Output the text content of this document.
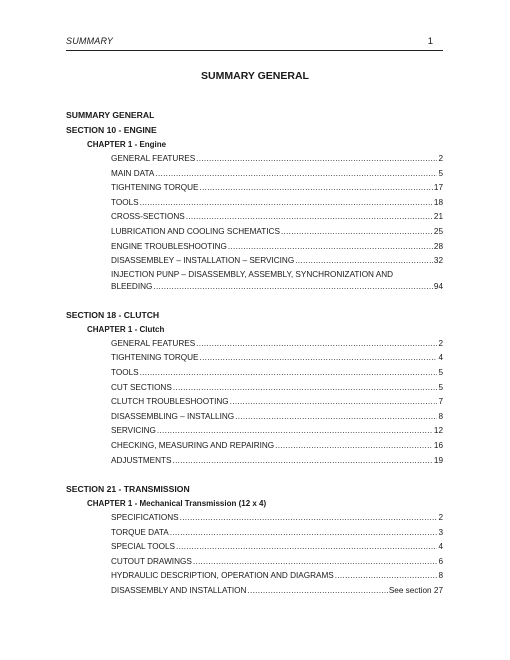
SUMMARY	1
SUMMARY GENERAL
SUMMARY GENERAL
SECTION 10 - ENGINE
CHAPTER 1 - Engine
GENERAL FEATURES .....	2
MAIN DATA .....	5
TIGHTENING TORQUE .....	17
TOOLS .....	18
CROSS-SECTIONS .....	21
LUBRICATION AND COOLING SCHEMATICS .....	25
ENGINE TROUBLESHOOTING .....	28
DISASSEMBLEY – INSTALLATION – SERVICING .....	32
INJECTION PUNP – DISASSEMBLY, ASSEMBLY, SYNCHRONIZATION AND
BLEEDING .....	94
SECTION 18 - CLUTCH
CHAPTER 1 - Clutch
GENERAL FEATURES .....	2
TIGHTENING TORQUE .....	4
TOOLS .....	5
CUT SECTIONS .....	5
CLUTCH TROUBLESHOOTING .....	7
DISASSEMBLING – INSTALLING .....	8
SERVICING .....	12
CHECKING, MEASURING AND REPAIRING .....	16
ADJUSTMENTS .....	19
SECTION 21 - TRANSMISSION
CHAPTER 1 - Mechanical Transmission (12 x 4)
SPECIFICATIONS .....	2
TORQUE DATA .....	3
SPECIAL TOOLS .....	4
CUTOUT DRAWINGS .....	6
HYDRAULIC DESCRIPTION, OPERATION AND DIAGRAMS .....	8
DISASSEMBLY AND INSTALLATION .....	See section 27
